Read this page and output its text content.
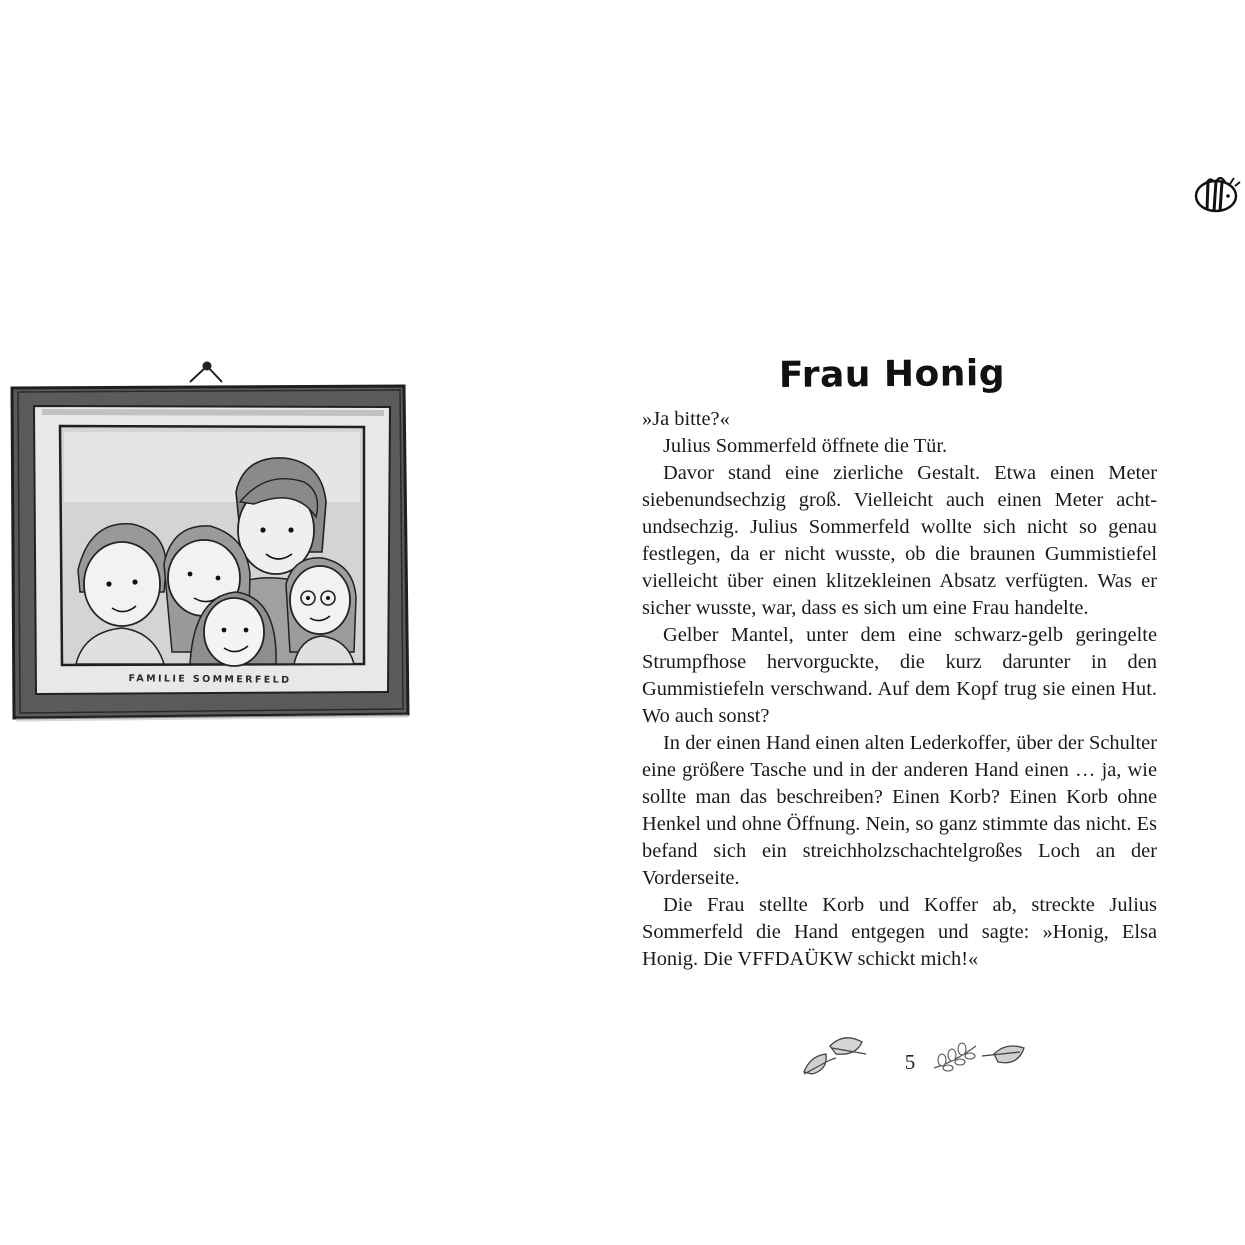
FAMILIE SOMMERFELD
Frau Honig

»Ja bitte?«

Julius Sommerfeld öffnete die Tür.

Davor stand eine zierliche Gestalt. Etwa einen Meter siebenundsechzig groß. Vielleicht auch einen Meter achtundsechzig. Julius Sommerfeld wollte sich nicht so genau festlegen, da er nicht wusste, ob die braunen Gummistiefel vielleicht über einen klitzekleinen Absatz verfügten. Was er sicher wusste, war, dass es sich um eine Frau handelte.

Gelber Mantel, unter dem eine schwarz-gelb geringelte Strumpfhose hervorguckte, die kurz darunter in den Gummistiefeln verschwand. Auf dem Kopf trug sie einen Hut. Wo auch sonst?

In der einen Hand einen alten Lederkoffer, über der Schulter eine größere Tasche und in der anderen Hand einen … ja, wie sollte man das beschreiben? Einen Korb? Einen Korb ohne Henkel und ohne Öffnung. Nein, so ganz stimmte das nicht. Es befand sich ein streichholzschachtelgroßes Loch an der Vorderseite.

Die Frau stellte Korb und Koffer ab, streckte Julius Sommerfeld die Hand entgegen und sagte: »Honig, Elsa Honig. Die VFFDAÜKW schickt mich!«

5
